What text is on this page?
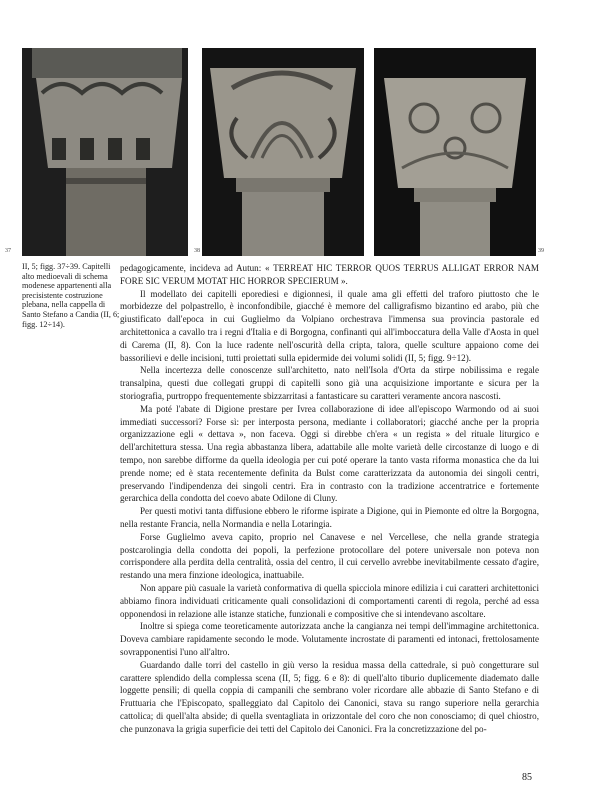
37	38	39

II, 5; figg. 37÷39. Capitelli alto medioevali di schema modenese appartenenti alla precisistente costruzione plebana, nella cappella di Santo Stefano a Candia (II, 6; figg. 12÷14).

pedagogicamente, incideva ad Autun: « TERREAT HIC TERROR QUOS TERRUS ALLIGAT ERROR NAM FORE SIC VERUM MOTAT HIC HORROR SPECIERUM ».

Il modellato dei capitelli eporediesi e digionnesi, il quale ama gli effetti del traforo piuttosto che le morbidezze del polpastrello, è inconfondibile, giacché è memore del calligrafismo bizantino ed arabo, più che giustificato dall'epoca in cui Guglielmo da Volpiano orchestrava l'immensa sua provincia pastorale ed architettonica a cavallo tra i regni d'Italia e di Borgogna, confinanti qui all'imboccatura della Valle d'Aosta in quel di Carema (II, 8). Con la luce radente nell'oscurità della cripta, talora, quelle sculture appaiono come dei bassorilievi e delle incisioni, tutti proiettati sulla epidermide dei volumi solidi (II, 5; figg. 9÷12).

Nella incertezza delle conoscenze sull'architetto, nato nell'Isola d'Orta da stirpe nobilissima e regale transalpina, questi due collegati gruppi di capitelli sono già una acquisizione importante e sicura per la storiografia, purtroppo frequentemente sbizzarritasi a fantasticare su caratteri veramente ancora nascosti.

Ma poté l'abate di Digione prestare per Ivrea collaborazione di idee all'episcopo Warmondo od ai suoi immediati successori? Forse sì: per interposta persona, mediante i collaboratori; giacché anche per la propria organizzazione egli « dettava », non faceva. Oggi si direbbe ch'era « un regista » del rituale liturgico e dell'architettura stessa. Una regìa abbastanza libera, adattabile alle molte varietà delle circostanze di luogo e di tempo, non sarebbe difforme da quella ideologia per cui poté operare la tanto vasta riforma monastica che da lui prende nome; ed è stata recentemente definita da Bulst come caratterizzata da autonomia dei singoli centri, preservando l'indipendenza dei singoli centri. Era in contrasto con la tradizione accentratrice e fortemente gerarchica della condotta del coevo abate Odilone di Cluny.

Per questi motivi tanta diffusione ebbero le riforme ispirate a Digione, qui in Piemonte ed oltre la Borgogna, nella restante Francia, nella Normandia e nella Lotaringia.

Forse Guglielmo aveva capito, proprio nel Canavese e nel Vercellese, che nella grande strategia postcarolingia della condotta dei popoli, la perfezione protocollare del potere universale non poteva non corrispondere alla perdita della centralità, ossia del centro, il cui cervello avrebbe inevitabilmente cessato d'agire, restando una mera finzione ideologica, inattuabile.

Non appare più casuale la varietà conformativa di quella spicciola minore edilizia i cui caratteri architettonici abbiamo finora individuati criticamente quali consolidazioni di comportamenti carenti di regola, perché ad essa opponendosi in relazione alle istanze statiche, funzionali e compositive che si intendevano ascoltare.

Inoltre si spiega come teoreticamente autorizzata anche la cangianza nei tempi dell'immagine architettonica. Doveva cambiare rapidamente secondo le mode. Volutamente incrostate di paramenti ed intonaci, frettolosamente sovrapponentisi l'uno all'altro.

Guardando dalle torri del castello in giù verso la residua massa della cattedrale, si può congetturare sul carattere splendido della complessa scena (II, 5; figg. 6 e 8): di quell'alto tiburio duplicemente diademato dalle loggette pensili; di quella coppia di campanili che sembrano voler ricordare alle abbazie di Santo Stefano e di Fruttuaria che l'Episcopato, spalleggiato dal Capitolo dei Canonici, stava su rango superiore nella gerarchia cattolica; di quell'alta abside; di quella sventagliata in orizzontale del coro che non conosciamo; di quel chiostro, che punzonava la grigia superficie dei tetti del Capitolo dei Canonici. Fra la concretizzazione del po-

85
